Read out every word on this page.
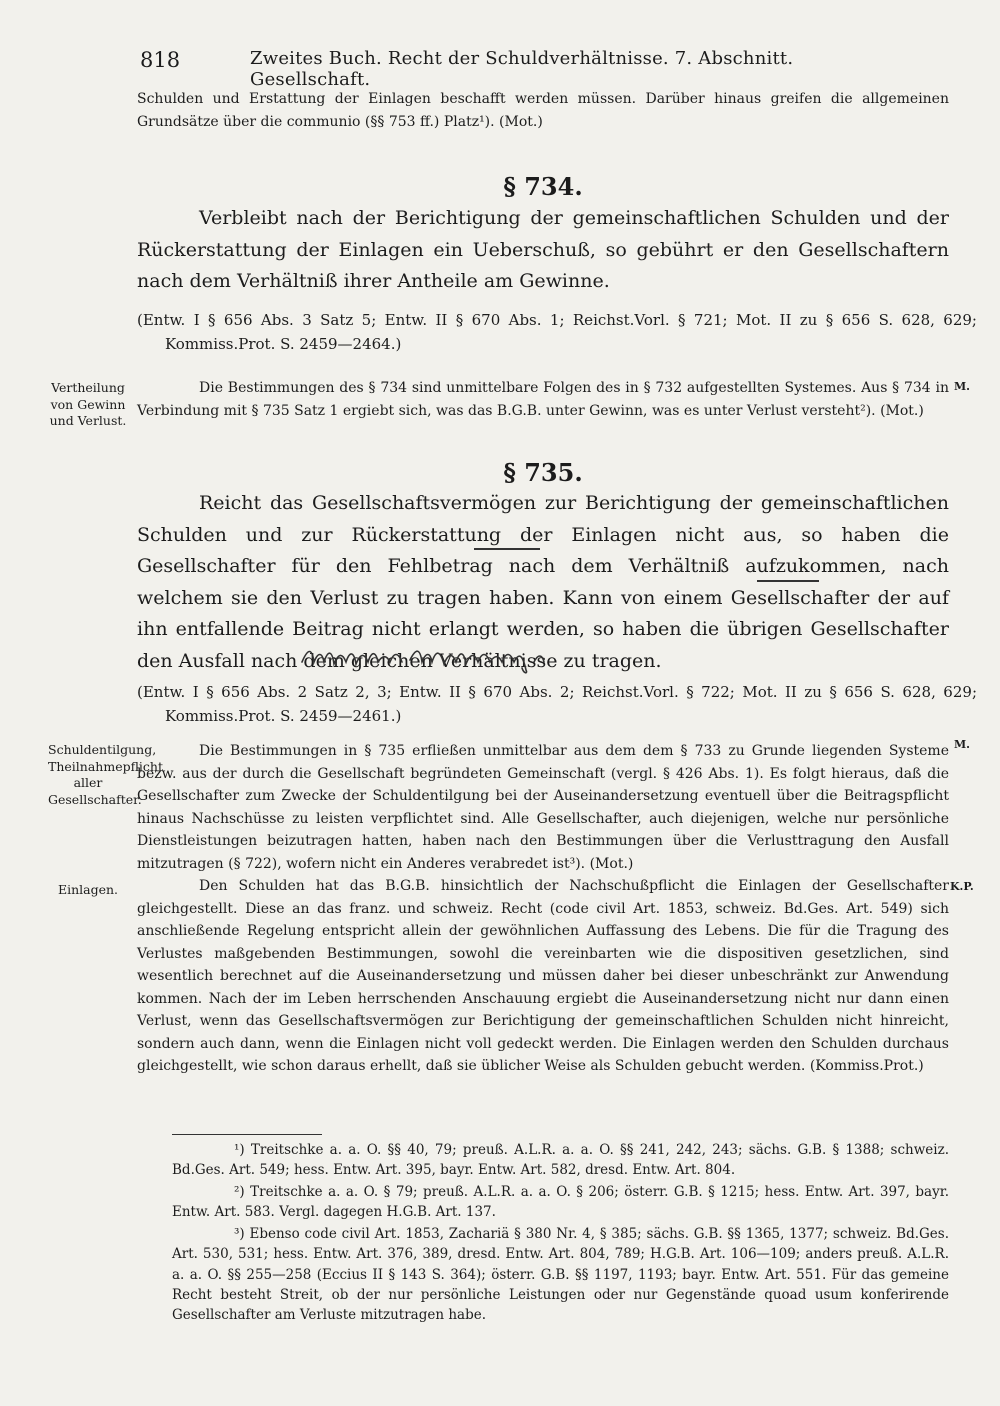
818	Zweites Buch. Recht der Schuldverhältnisse. 7. Abschnitt. Gesellschaft.

Schulden und Erstattung der Einlagen beschafft werden müssen. Darüber hinaus greifen die allgemeinen Grundsätze über die communio (§§ 753 ff.) Platz¹). (Mot.)

§ 734.

Verbleibt nach der Berichtigung der gemeinschaftlichen Schulden und der Rückerstattung der Einlagen ein Ueberschuß, so gebührt er den Gesellschaftern nach dem Verhältniß ihrer Antheile am Gewinne.

(Entw. I § 656 Abs. 3 Satz 5; Entw. II § 670 Abs. 1; Reichst.Vorl. § 721; Mot. II zu § 656 S. 628, 629; Kommiss.Prot. S. 2459—2464.)

Vertheilung von Gewinn und Verlust.

M.

Die Bestimmungen des § 734 sind unmittelbare Folgen des in § 732 aufgestellten Systemes. Aus § 734 in Verbindung mit § 735 Satz 1 ergiebt sich, was das B.G.B. unter Gewinn, was es unter Verlust versteht²). (Mot.)

§ 735.

Reicht das Gesellschaftsvermögen zur Berichtigung der gemeinschaftlichen Schulden und zur Rückerstattung der Einlagen nicht aus, so haben die Gesellschafter für den Fehlbetrag nach dem Verhältniß aufzukommen, nach welchem sie den Verlust zu tragen haben. Kann von einem Gesellschafter der auf ihn entfallende Beitrag nicht erlangt werden, so haben die übrigen Gesellschafter den Ausfall nach dem gleichen Verhältnisse zu tragen.

(Entw. I § 656 Abs. 2 Satz 2, 3; Entw. II § 670 Abs. 2; Reichst.Vorl. § 722; Mot. II zu § 656 S. 628, 629; Kommiss.Prot. S. 2459—2461.)

Schuldentilgung, Theilnahmepflicht aller Gesellschafter.

M.

Die Bestimmungen in § 735 erfließen unmittelbar aus dem dem § 733 zu Grunde liegenden Systeme bezw. aus der durch die Gesellschaft begründeten Gemeinschaft (vergl. § 426 Abs. 1). Es folgt hieraus, daß die Gesellschafter zum Zwecke der Schuldentilgung bei der Auseinandersetzung eventuell über die Beitragspflicht hinaus Nachschüsse zu leisten verpflichtet sind. Alle Gesellschafter, auch diejenigen, welche nur persönliche Dienstleistungen beizutragen hatten, haben nach den Bestimmungen über die Verlusttragung den Ausfall mitzutragen (§ 722), wofern nicht ein Anderes verabredet ist³). (Mot.)

Einlagen.	K.P.

Den Schulden hat das B.G.B. hinsichtlich der Nachschußpflicht die Einlagen der Gesellschafter gleichgestellt. Diese an das franz. und schweiz. Recht (code civil Art. 1853, schweiz. Bd.Ges. Art. 549) sich anschließende Regelung entspricht allein der gewöhnlichen Auffassung des Lebens. Die für die Tragung des Verlustes maßgebenden Bestimmungen, sowohl die vereinbarten wie die dispositiven gesetzlichen, sind wesentlich berechnet auf die Auseinandersetzung und müssen daher bei dieser unbeschränkt zur Anwendung kommen. Nach der im Leben herrschenden Anschauung ergiebt die Auseinandersetzung nicht nur dann einen Verlust, wenn das Gesellschaftsvermögen zur Berichtigung der gemeinschaftlichen Schulden nicht hinreicht, sondern auch dann, wenn die Einlagen nicht voll gedeckt werden. Die Einlagen werden den Schulden durchaus gleichgestellt, wie schon daraus erhellt, daß sie üblicher Weise als Schulden gebucht werden. (Kommiss.Prot.)

¹) Treitschke a. a. O. §§ 40, 79; preuß. A.L.R. a. a. O. §§ 241, 242, 243; sächs. G.B. § 1388; schweiz. Bd.Ges. Art. 549; hess. Entw. Art. 395, bayr. Entw. Art. 582, dresd. Entw. Art. 804.

²) Treitschke a. a. O. § 79; preuß. A.L.R. a. a. O. § 206; österr. G.B. § 1215; hess. Entw. Art. 397, bayr. Entw. Art. 583. Vergl. dagegen H.G.B. Art. 137.

³) Ebenso code civil Art. 1853, Zachariä § 380 Nr. 4, § 385; sächs. G.B. §§ 1365, 1377; schweiz. Bd.Ges. Art. 530, 531; hess. Entw. Art. 376, 389, dresd. Entw. Art. 804, 789; H.G.B. Art. 106—109; anders preuß. A.L.R. a. a. O. §§ 255—258 (Eccius II § 143 S. 364); österr. G.B. §§ 1197, 1193; bayr. Entw. Art. 551. Für das gemeine Recht besteht Streit, ob der nur persönliche Leistungen oder nur Gegenstände quoad usum konferirende Gesellschafter am Verluste mitzutragen habe.
